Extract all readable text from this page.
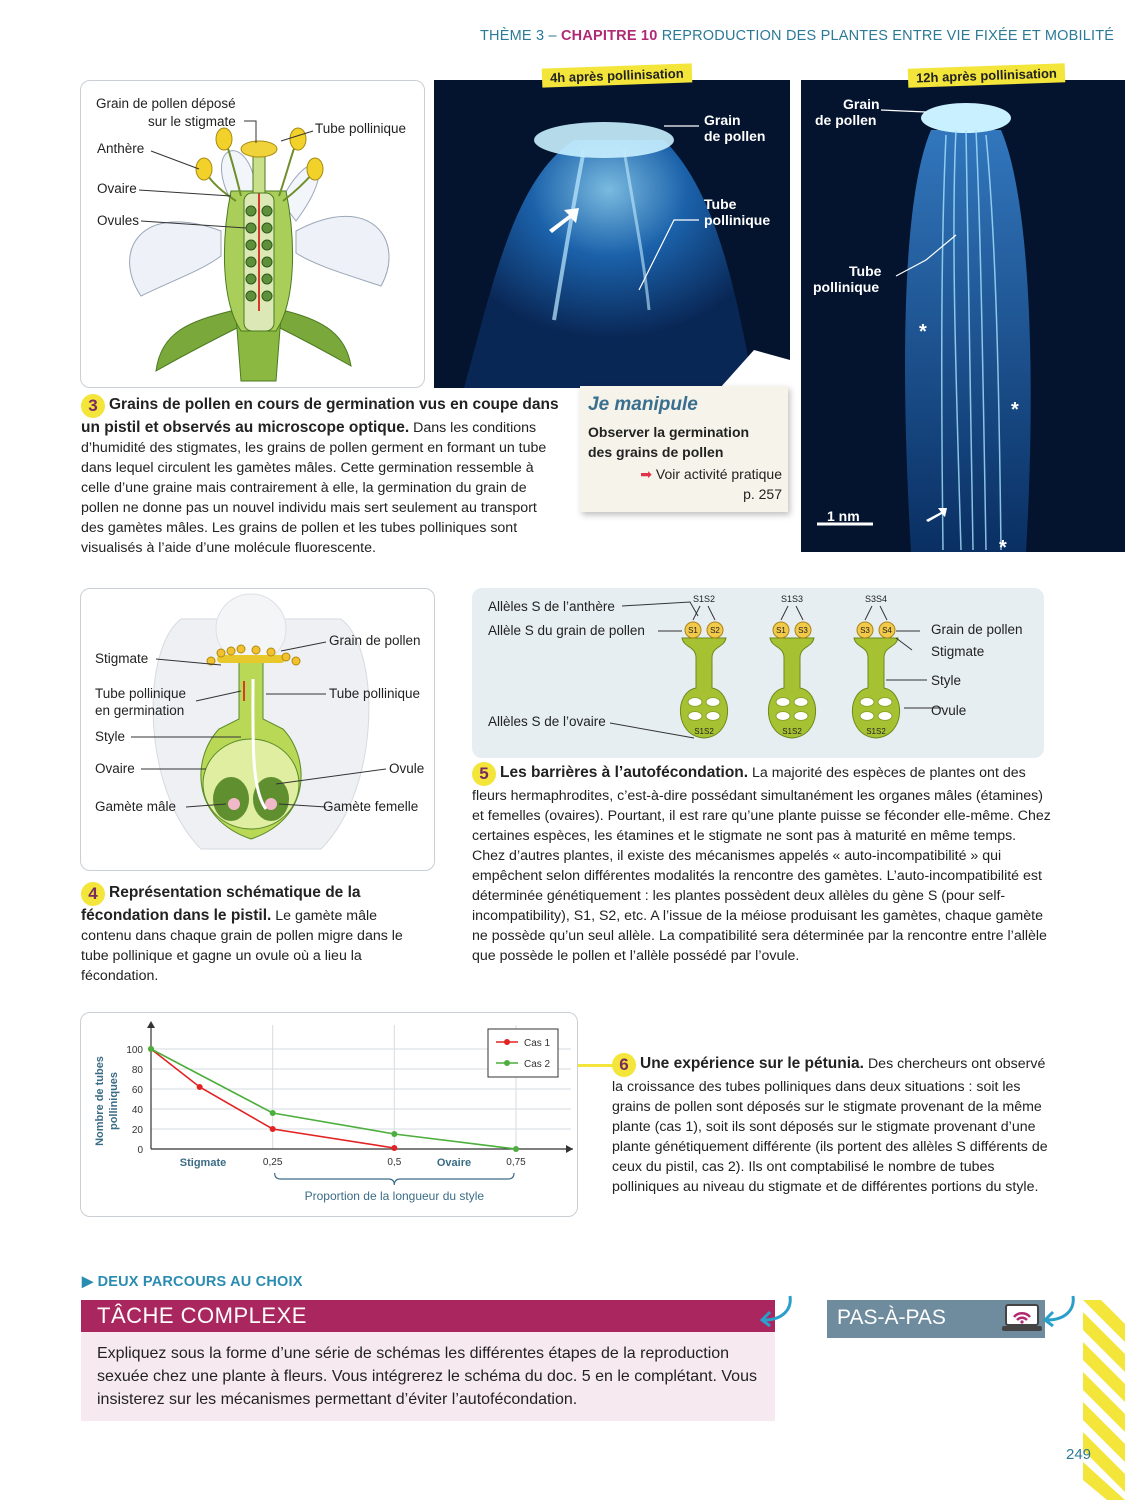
THÈME 3 – CHAPITRE 10 REPRODUCTION DES PLANTES ENTRE VIE FIXÉE ET MOBILITÉ
Grain de pollen déposé
sur le stigmate	Tube pollinique
Anthère
Ovaire
Ovules
Grain
de pollen
Tube
pollinique
4h après pollinisation
Grain
de pollen
Tube
pollinique
*
*
*
1 nm
12h après pollinisation
3 Grains de pollen en cours de germination vus en coupe dans un pistil et observés au microscope optique. Dans les conditions d’humidité des stigmates, les grains de pollen germent en formant un tube dans lequel circulent les gamètes mâles. Cette germination ressemble à celle d’une graine mais contrairement à elle, la germination du grain de pollen ne donne pas un nouvel individu mais sert seulement au transport des gamètes mâles. Les grains de pollen et les tubes polliniques sont visualisés à l’aide d’une molécule fluorescente.
Je manipule
Observer la germination
des grains de pollen
➡ Voir activité pratique
p. 257
Stigmate
Grain de pollen
Tube pollinique
en germination
Tube pollinique
Style
Ovaire	Ovule
Gamète mâle	Gamète femelle
4 Représentation schématique de la fécondation dans le pistil. Le gamète mâle contenu dans chaque grain de pollen migre dans le tube pollinique et gagne un ovule où a lieu la fécondation.
S1S2
S1 S2
S1S2
S1S3
S1 S3
S1S2
S3S4
S3 S4
S1S2
Allèles S de l’anthère
Allèle S du grain de pollen
Allèles S de l’ovaire
Grain de pollen
Stigmate
Style
Ovule
5 Les barrières à l’autofécondation. La majorité des espèces de plantes ont des fleurs hermaphrodites, c’est-à-dire possédant simultanément les organes mâles (étamines) et femelles (ovaires). Pourtant, il est rare qu’une plante puisse se féconder elle-même. Chez certaines espèces, les étamines et le stigmate ne sont pas à maturité en même temps. Chez d’autres plantes, il existe des mécanismes appelés « auto-incompatibilité » qui empêchent selon différentes modalités la rencontre des gamètes. L’auto-incompatibilité est déterminée génétiquement : les plantes possèdent deux allèles du gène S (pour self-incompatibility), S1, S2, etc. A l’issue de la méiose produisant les gamètes, chaque gamète ne possède qu’un seul allèle. La compatibilité sera déterminée par la rencontre entre l’allèle que possède le pollen et l’allèle possédé par l’ovule.
0
20
40
60
80
100
0,25	0,5	0,75
Stigmate	Ovaire
Proportion de la longueur du style
Nombre de tubes polliniques
Cas 1
Cas 2	6 Une expérience sur le pétunia. Des chercheurs ont observé la croissance des tubes polliniques dans deux situations : soit les grains de pollen sont déposés sur le stigmate provenant de la même plante (cas 1), soit ils sont déposés sur le stigmate provenant d’une plante génétiquement différente (ils portent des allèles S différents de ceux du pistil, cas 2). Ils ont comptabilisé le nombre de tubes polliniques au niveau du stigmate et de différentes portions du style.
▶ DEUX PARCOURS AU CHOIX
TÂCHE COMPLEXE
Expliquez sous la forme d’une série de schémas les différentes étapes de la reproduction sexuée chez une plante à fleurs. Vous intégrerez le schéma du doc. 5 en le complétant. Vous insisterez sur les mécanismes permettant d’éviter l’autofécondation.
PAS-À-PAS
249
